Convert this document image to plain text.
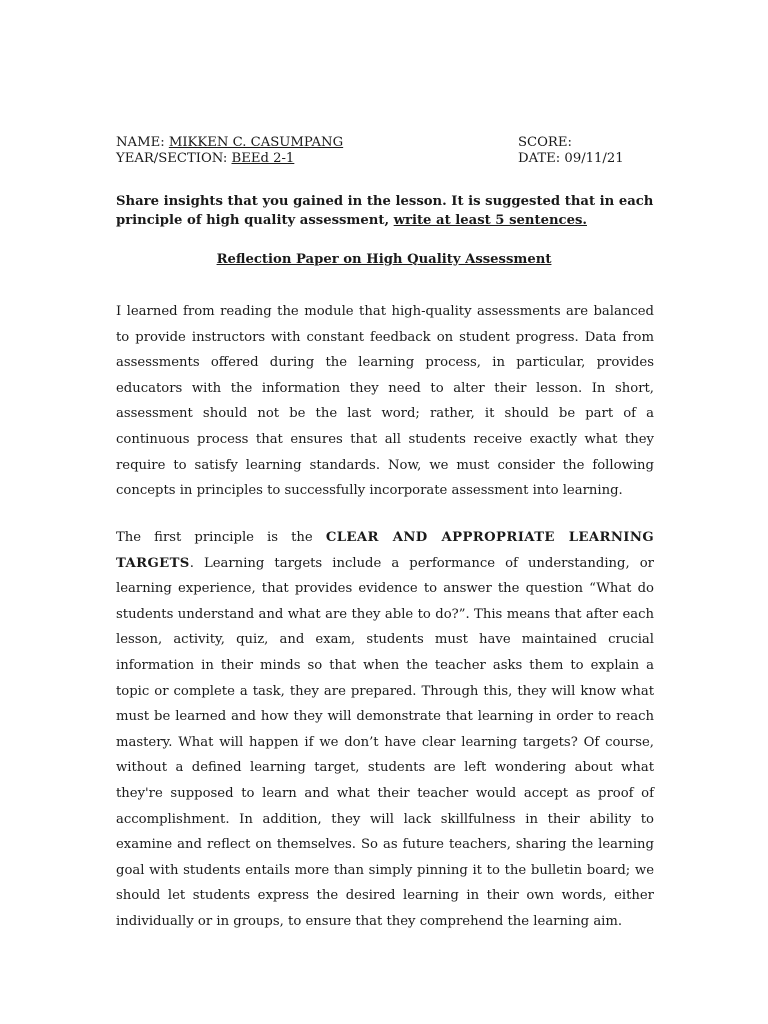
NAME: MIKKEN C. CASUMPANG	SCORE:
YEAR/SECTION: BEEd 2-1	DATE: 09/11/21
Share insights that you gained in the lesson. It is suggested that in each principle of high quality assessment, write at least 5 sentences.
Reflection Paper on High Quality Assessment

I learned from reading the module that high-quality assessments are balanced to provide instructors with constant feedback on student progress. Data from assessments offered during the learning process, in particular, provides educators with the information they need to alter their lesson. In short, assessment should not be the last word; rather, it should be part of a continuous process that ensures that all students receive exactly what they require to satisfy learning standards. Now, we must consider the following concepts in principles to successfully incorporate assessment into learning.

The first principle is the CLEAR AND APPROPRIATE LEARNING TARGETS. Learning targets include a performance of understanding, or learning experience, that provides evidence to answer the question “What do students understand and what are they able to do?”. This means that after each lesson, activity, quiz, and exam, students must have maintained crucial information in their minds so that when the teacher asks them to explain a topic or complete a task, they are prepared. Through this, they will know what must be learned and how they will demonstrate that learning in order to reach mastery. What will happen if we don’t have clear learning targets? Of course, without a defined learning target, students are left wondering about what they're supposed to learn and what their teacher would accept as proof of accomplishment. In addition, they will lack skillfulness in their ability to examine and reflect on themselves. So as future teachers, sharing the learning goal with students entails more than simply pinning it to the bulletin board; we should let students express the desired learning in their own words, either individually or in groups, to ensure that they comprehend the learning aim.
